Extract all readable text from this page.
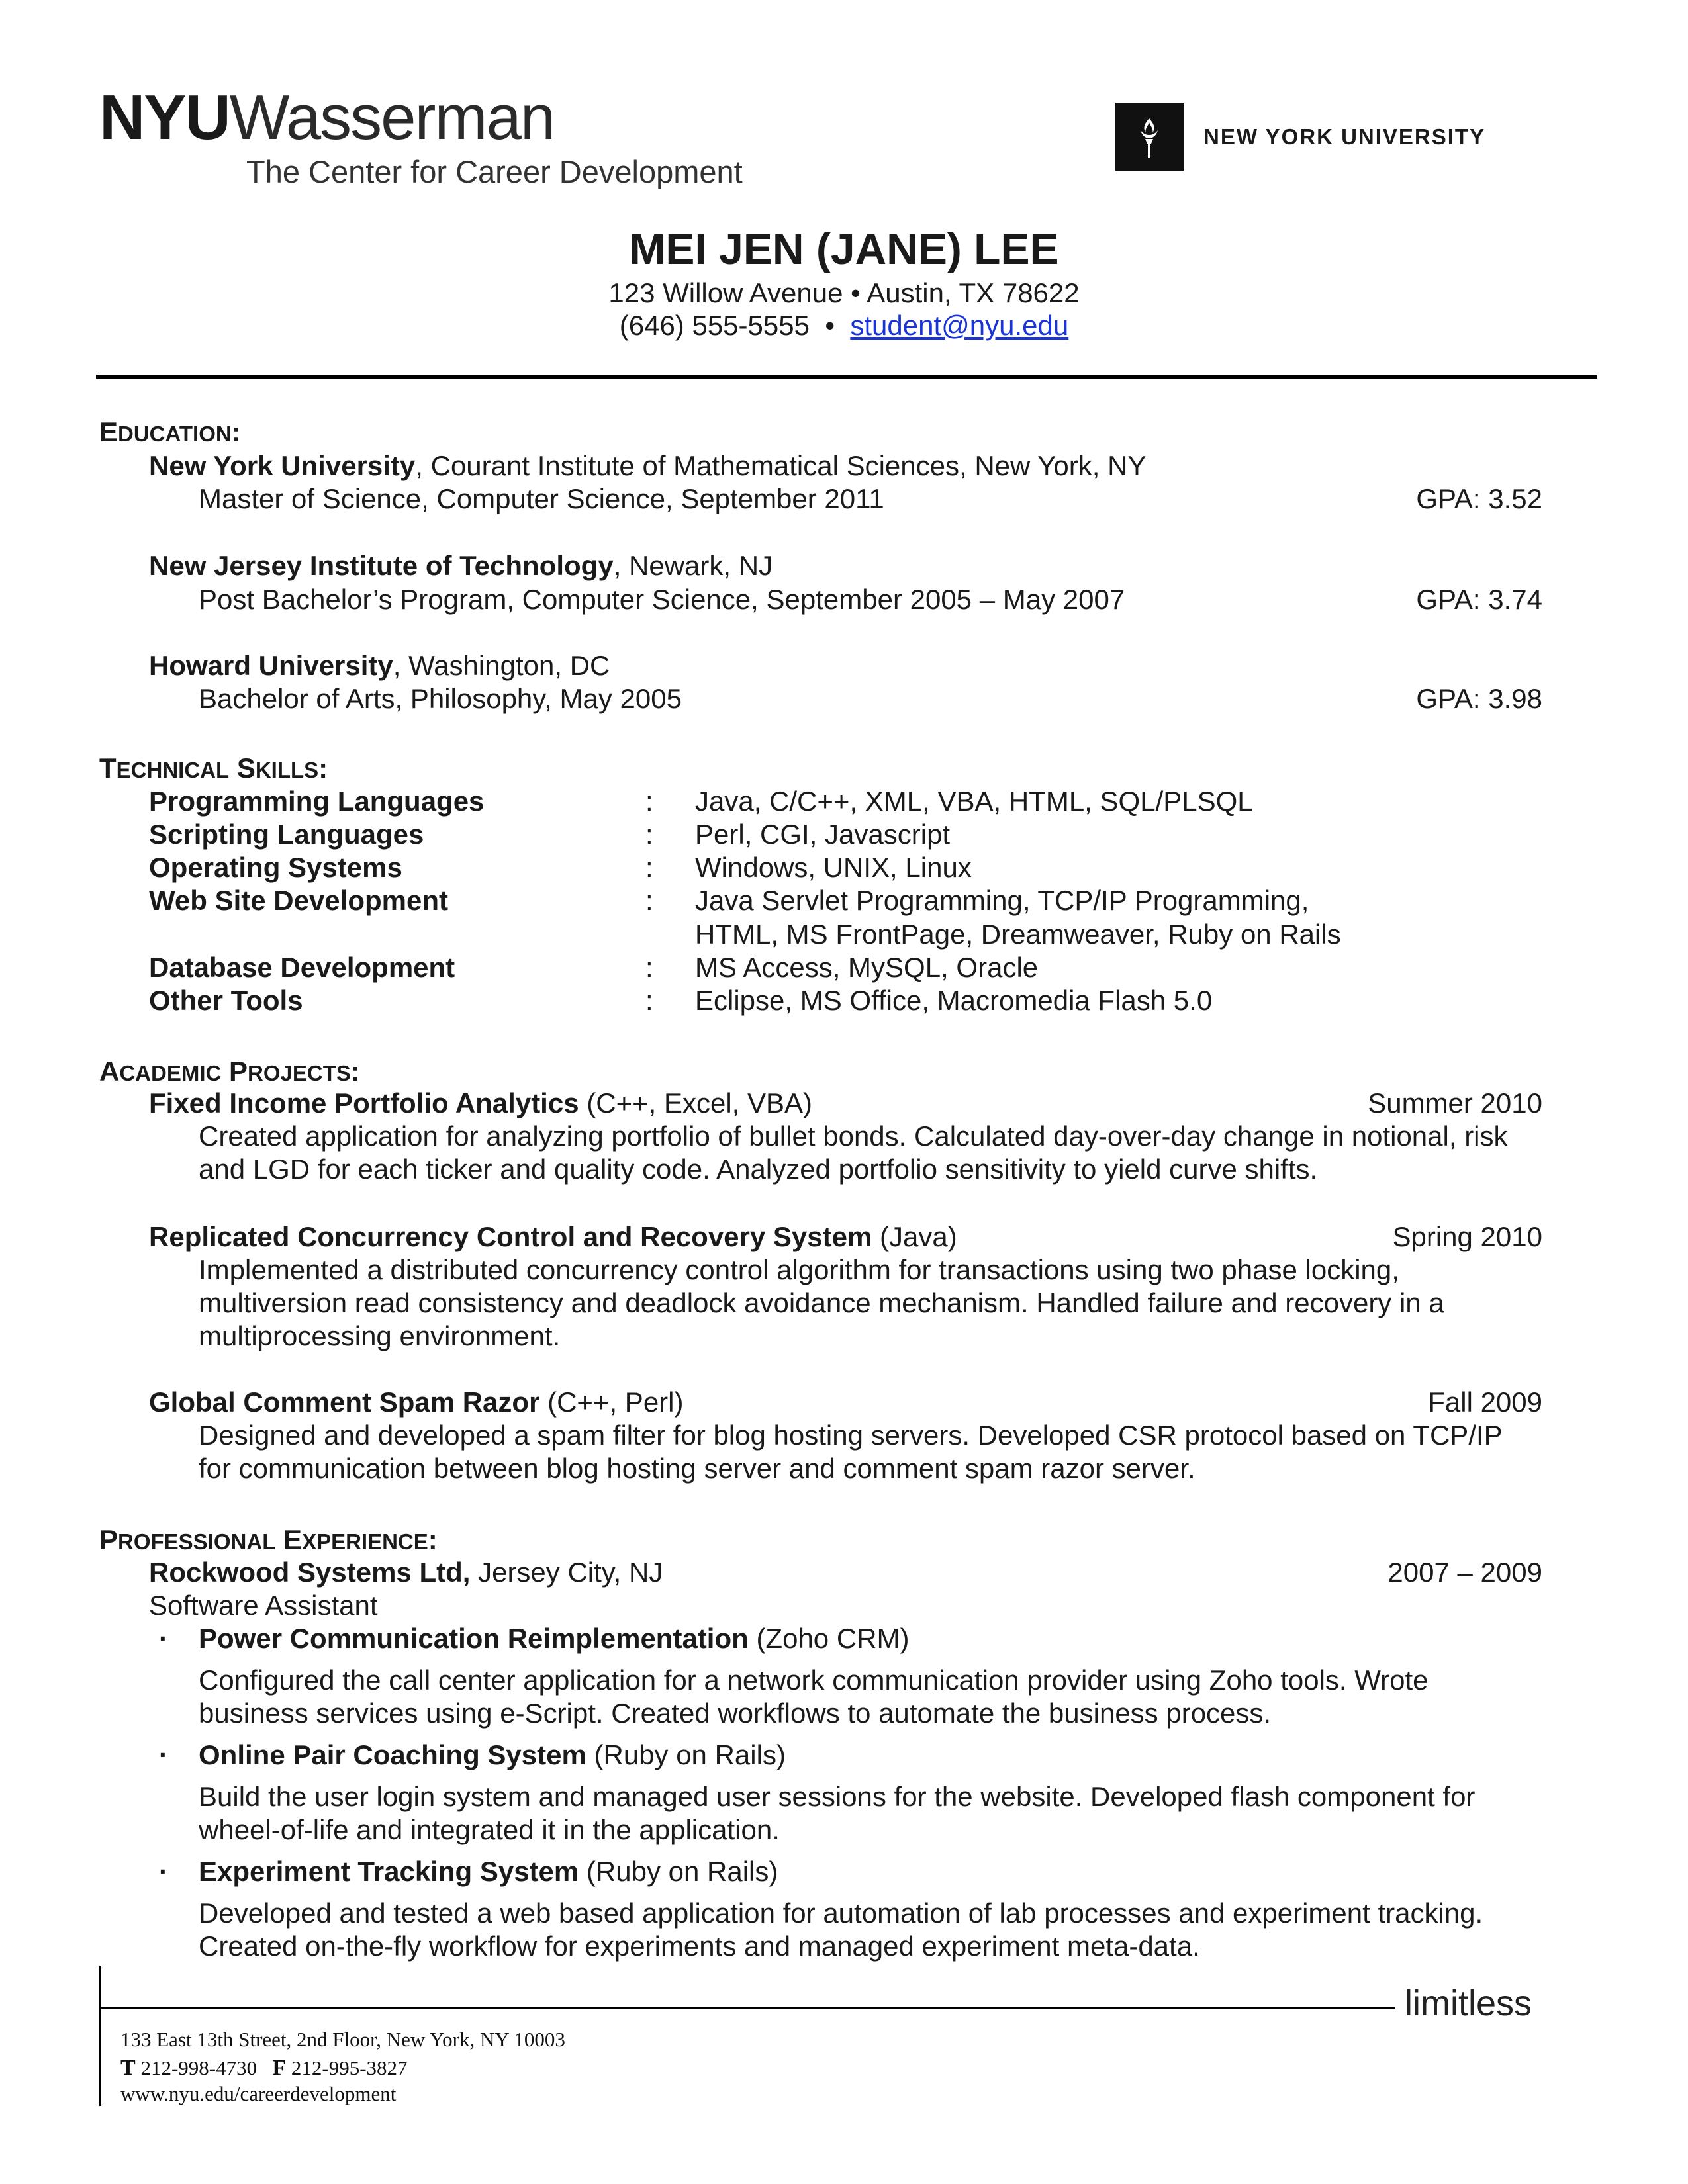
NYUWasserman
The Center for Career Development
NEW YORK UNIVERSITY
MEI JEN (JANE) LEE
123 Willow Avenue • Austin, TX 78622
(646) 555-5555 • student@nyu.edu
EDUCATION:
New York University, Courant Institute of Mathematical Sciences, New York, NY
Master of Science, Computer Science, September 2011	GPA: 3.52
New Jersey Institute of Technology, Newark, NJ
Post Bachelor’s Program, Computer Science, September 2005 – May 2007	GPA: 3.74
Howard University, Washington, DC
Bachelor of Arts, Philosophy, May 2005	GPA: 3.98
TECHNICAL SKILLS:
Programming Languages	: Java, C/C++, XML, VBA, HTML, SQL/PLSQL
Scripting Languages	: Perl, CGI, Javascript
Operating Systems	: Windows, UNIX, Linux
Web Site Development	: Java Servlet Programming, TCP/IP Programming,
HTML, MS FrontPage, Dreamweaver, Ruby on Rails
Database Development	: MS Access, MySQL, Oracle
Other Tools	: Eclipse, MS Office, Macromedia Flash 5.0
ACADEMIC PROJECTS:
Fixed Income Portfolio Analytics (C++, Excel, VBA)	Summer 2010
Created application for analyzing portfolio of bullet bonds. Calculated day-over-day change in notional, risk
and LGD for each ticker and quality code. Analyzed portfolio sensitivity to yield curve shifts.
Replicated Concurrency Control and Recovery System (Java)	Spring 2010
Implemented a distributed concurrency control algorithm for transactions using two phase locking,
multiversion read consistency and deadlock avoidance mechanism. Handled failure and recovery in a
multiprocessing environment.
Global Comment Spam Razor (C++, Perl)	Fall 2009
Designed and developed a spam filter for blog hosting servers. Developed CSR protocol based on TCP/IP
for communication between blog hosting server and comment spam razor server.
PROFESSIONAL EXPERIENCE:
Rockwood Systems Ltd, Jersey City, NJ	2007 – 2009
Software Assistant
· Power Communication Reimplementation (Zoho CRM)
Configured the call center application for a network communication provider using Zoho tools. Wrote
business services using e-Script. Created workflows to automate the business process.
· Online Pair Coaching System (Ruby on Rails)
Build the user login system and managed user sessions for the website. Developed flash component for
wheel-of-life and integrated it in the application.
· Experiment Tracking System (Ruby on Rails)
Developed and tested a web based application for automation of lab processes and experiment tracking.
Created on-the-fly workflow for experiments and managed experiment meta-data.
limitless
133 East 13th Street, 2nd Floor, New York, NY 10003
T 212-998-4730 F 212-995-3827
www.nyu.edu/careerdevelopment
